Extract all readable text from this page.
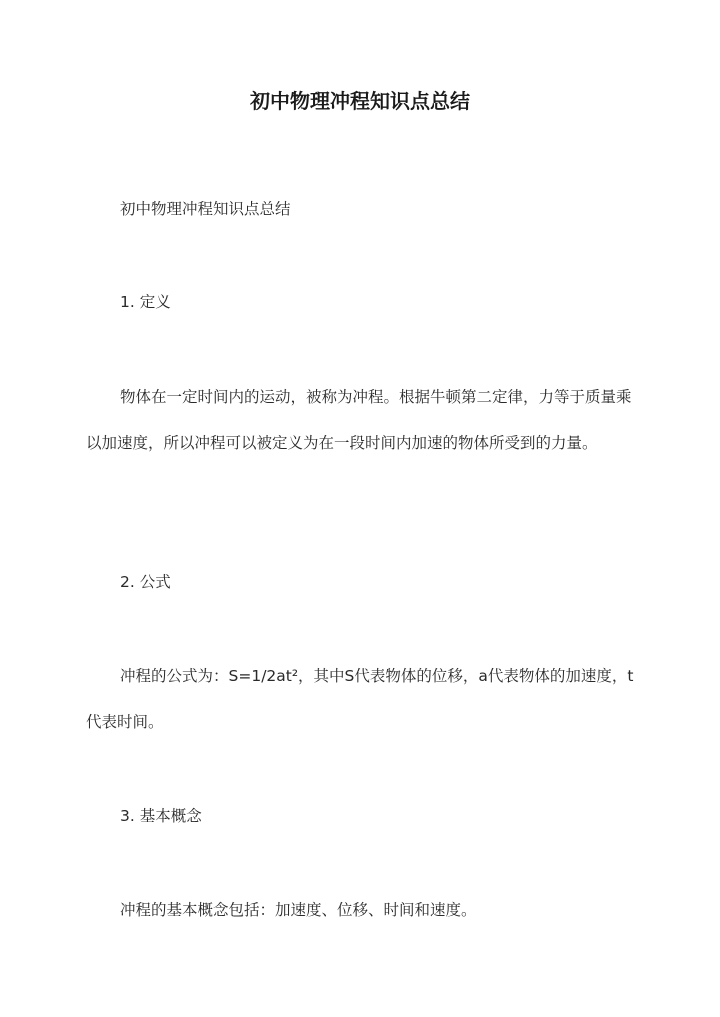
初中物理冲程知识点总结

初中物理冲程知识点总结

1. 定义

物体在一定时间内的运动，被称为冲程。根据牛顿第二定律，力等于质量乘以加速度，所以冲程可以被定义为在一段时间内加速的物体所受到的力量。

2. 公式

冲程的公式为：S=1/2at²，其中S代表物体的位移，a代表物体的加速度，t代表时间。

3. 基本概念

冲程的基本概念包括：加速度、位移、时间和速度。
